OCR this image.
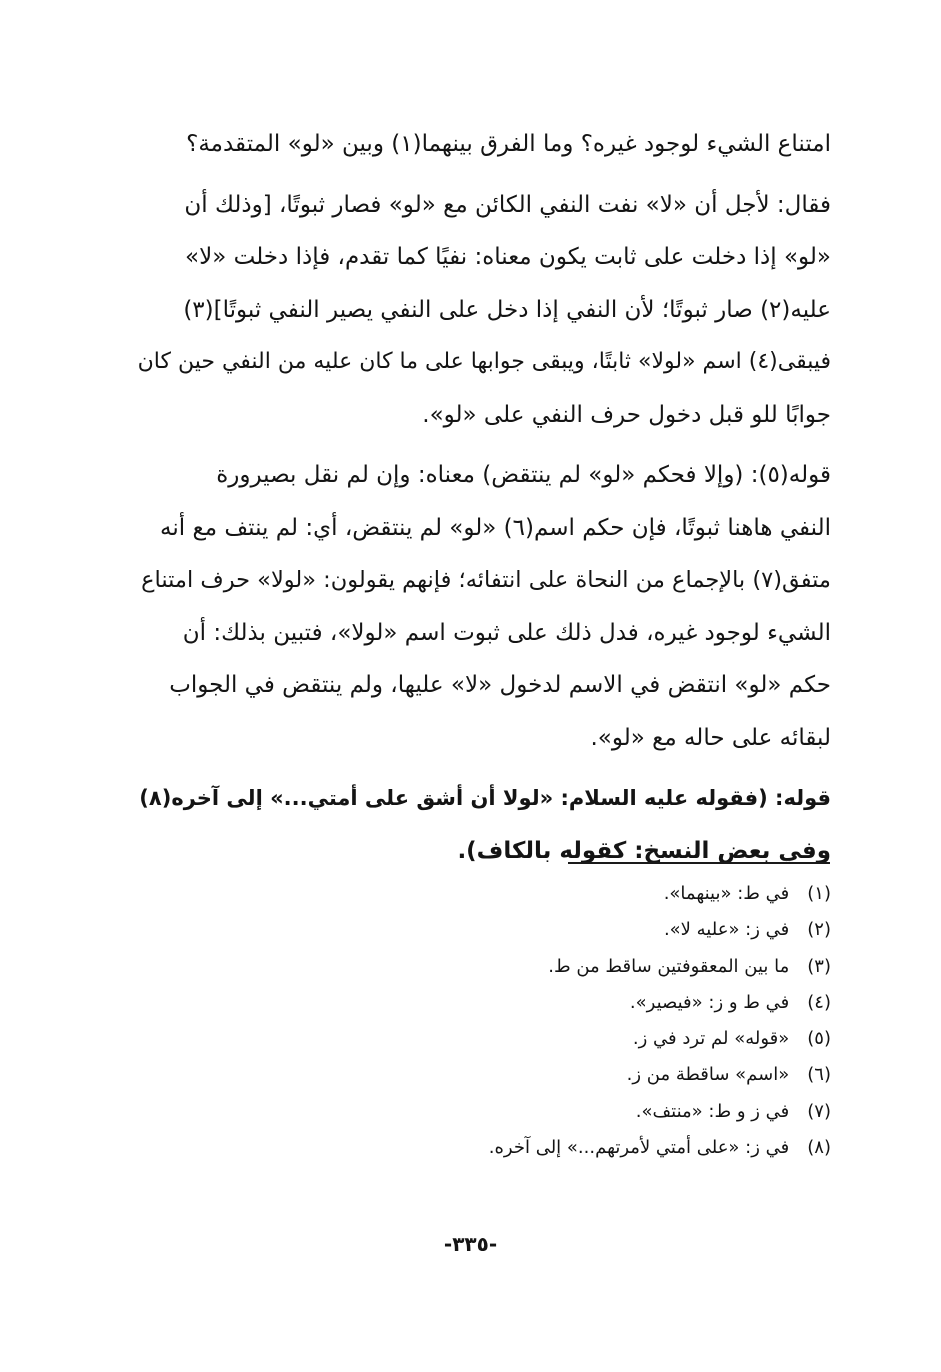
امتناع الشيء لوجود غيره؟ وما الفرق بينهما(١) وبين «لو» المتقدمة؟
فقال: لأجل أن «لا» نفت النفي الكائن مع «لو» فصار ثبوتًا، [وذلك أن
«لو» إذا دخلت على ثابت يكون معناه: نفيًا كما تقدم، فإذا دخلت «لا»
عليه(٢) صار ثبوتًا؛ لأن النفي إذا دخل على النفي يصير النفي ثبوتًا](٣)
فيبقى(٤) اسم «لولا» ثابتًا، ويبقى جوابها على ما كان عليه من النفي حين كان
جوابًا للو قبل دخول حرف النفي على «لو».
قوله(٥): (وإلا فحكم «لو» لم ينتقض) معناه: وإن لم نقل بصيرورة
النفي هاهنا ثبوتًا، فإن حكم اسم(٦) «لو» لم ينتقض، أي: لم ينتف مع أنه
متفق(٧) بالإجماع من النحاة على انتفائه؛ فإنهم يقولون: «لولا» حرف امتناع
الشيء لوجود غيره، فدل ذلك على ثبوت اسم «لولا»، فتبين بذلك: أن
حكم «لو» انتقض في الاسم لدخول «لا» عليها، ولم ينتقض في الجواب
لبقائه على حاله مع «لو».
قوله: (فقوله عليه السلام: «لولا أن أشق على أمتي...» إلى آخره(٨)
وفي بعض النسخ: كقوله بالكاف).
(١) في ط: «بينهما».
(٢) في ز: «عليه لا».
(٣) ما بين المعقوفتين ساقط من ط.
(٤) في ط و ز: «فيصير».
(٥) «قوله» لم ترد في ز.
(٦) «اسم» ساقطة من ز.
(٧) في ز و ط: «منتف».
(٨) في ز: «على أمتي لأمرتهم...» إلى آخره.
-٣٣٥-
